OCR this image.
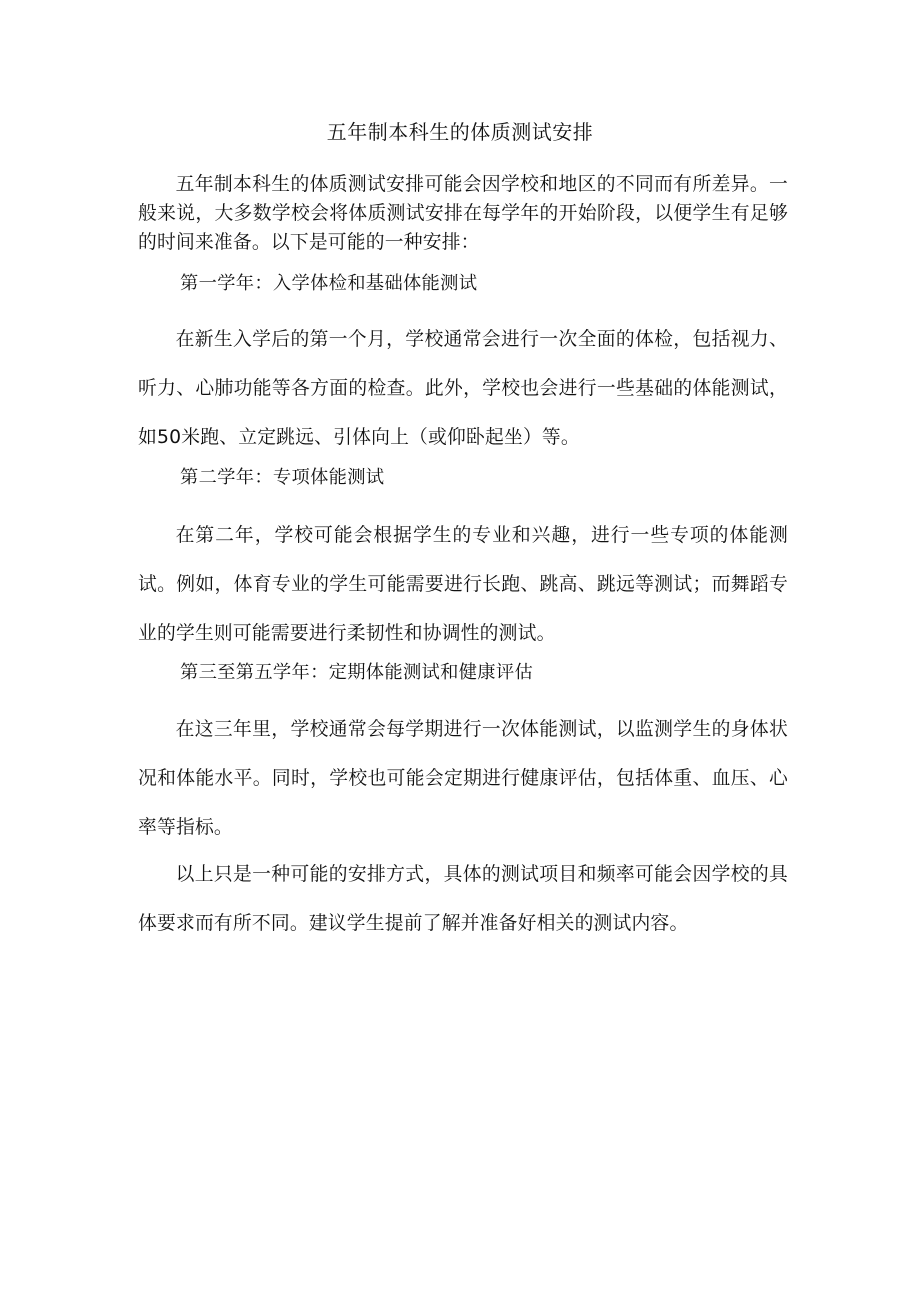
五年制本科生的体质测试安排

五年制本科生的体质测试安排可能会因学校和地区的不同而有所差异。一般来说，大多数学校会将体质测试安排在每学年的开始阶段，以便学生有足够的时间来准备。以下是可能的一种安排：

第一学年：入学体检和基础体能测试

在新生入学后的第一个月，学校通常会进行一次全面的体检，包括视力、听力、心肺功能等各方面的检查。此外，学校也会进行一些基础的体能测试，如50米跑、立定跳远、引体向上（或仰卧起坐）等。

第二学年：专项体能测试

在第二年，学校可能会根据学生的专业和兴趣，进行一些专项的体能测试。例如，体育专业的学生可能需要进行长跑、跳高、跳远等测试；而舞蹈专业的学生则可能需要进行柔韧性和协调性的测试。

第三至第五学年：定期体能测试和健康评估

在这三年里，学校通常会每学期进行一次体能测试，以监测学生的身体状况和体能水平。同时，学校也可能会定期进行健康评估，包括体重、血压、心率等指标。

以上只是一种可能的安排方式，具体的测试项目和频率可能会因学校的具体要求而有所不同。建议学生提前了解并准备好相关的测试内容。
